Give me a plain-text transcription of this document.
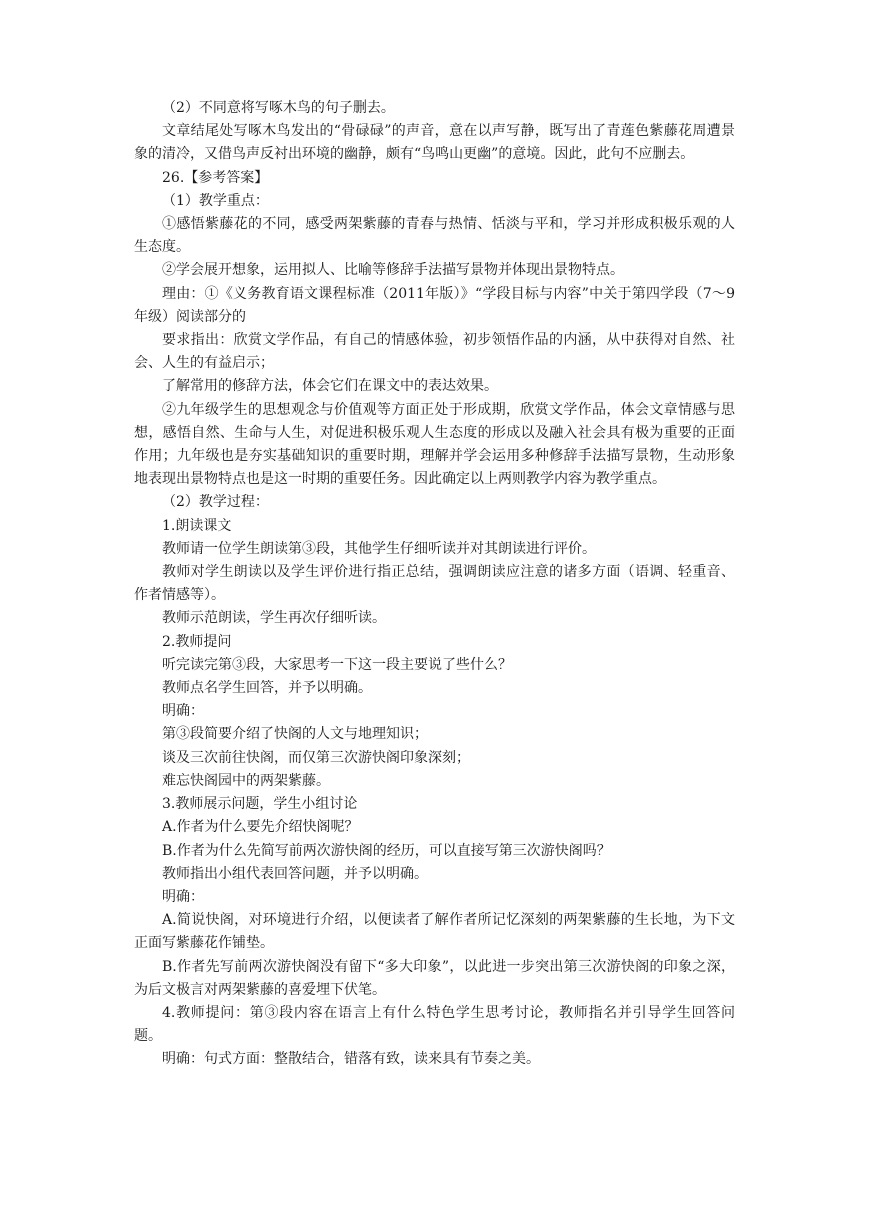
（2）不同意将写啄木鸟的句子删去。

文章结尾处写啄木鸟发出的“骨碌碌”的声音，意在以声写静，既写出了青莲色紫藤花周遭景象的清冷，又借鸟声反衬出环境的幽静，颇有“鸟鸣山更幽”的意境。因此，此句不应删去。

26.【参考答案】

（1）教学重点：

①感悟紫藤花的不同，感受两架紫藤的青春与热情、恬淡与平和，学习并形成积极乐观的人生态度。

②学会展开想象，运用拟人、比喻等修辞手法描写景物并体现出景物特点。

理由：①《义务教育语文课程标准（2011年版）》“学段目标与内容”中关于第四学段（7～9年级）阅读部分的

要求指出：欣赏文学作品，有自己的情感体验，初步领悟作品的内涵，从中获得对自然、社会、人生的有益启示；

了解常用的修辞方法，体会它们在课文中的表达效果。

②九年级学生的思想观念与价值观等方面正处于形成期，欣赏文学作品，体会文章情感与思想，感悟自然、生命与人生，对促进积极乐观人生态度的形成以及融入社会具有极为重要的正面作用；九年级也是夯实基础知识的重要时期，理解并学会运用多种修辞手法描写景物，生动形象地表现出景物特点也是这一时期的重要任务。因此确定以上两则教学内容为教学重点。

（2）教学过程：

1.朗读课文

教师请一位学生朗读第③段，其他学生仔细听读并对其朗读进行评价。

教师对学生朗读以及学生评价进行指正总结，强调朗读应注意的诸多方面（语调、轻重音、作者情感等）。

教师示范朗读，学生再次仔细听读。

2.教师提问

听完读完第③段，大家思考一下这一段主要说了些什么？

教师点名学生回答，并予以明确。

明确：

第③段简要介绍了快阁的人文与地理知识；

谈及三次前往快阁，而仅第三次游快阁印象深刻；

难忘快阁园中的两架紫藤。

3.教师展示问题，学生小组讨论

A.作者为什么要先介绍快阁呢？

B.作者为什么先简写前两次游快阁的经历，可以直接写第三次游快阁吗？

教师指出小组代表回答问题，并予以明确。

明确：

A.简说快阁，对环境进行介绍，以便读者了解作者所记忆深刻的两架紫藤的生长地，为下文正面写紫藤花作铺垫。

B.作者先写前两次游快阁没有留下“多大印象”，以此进一步突出第三次游快阁的印象之深，为后文极言对两架紫藤的喜爱埋下伏笔。

4.教师提问：第③段内容在语言上有什么特色学生思考讨论，教师指名并引导学生回答问题。

明确：句式方面：整散结合，错落有致，读来具有节奏之美。
